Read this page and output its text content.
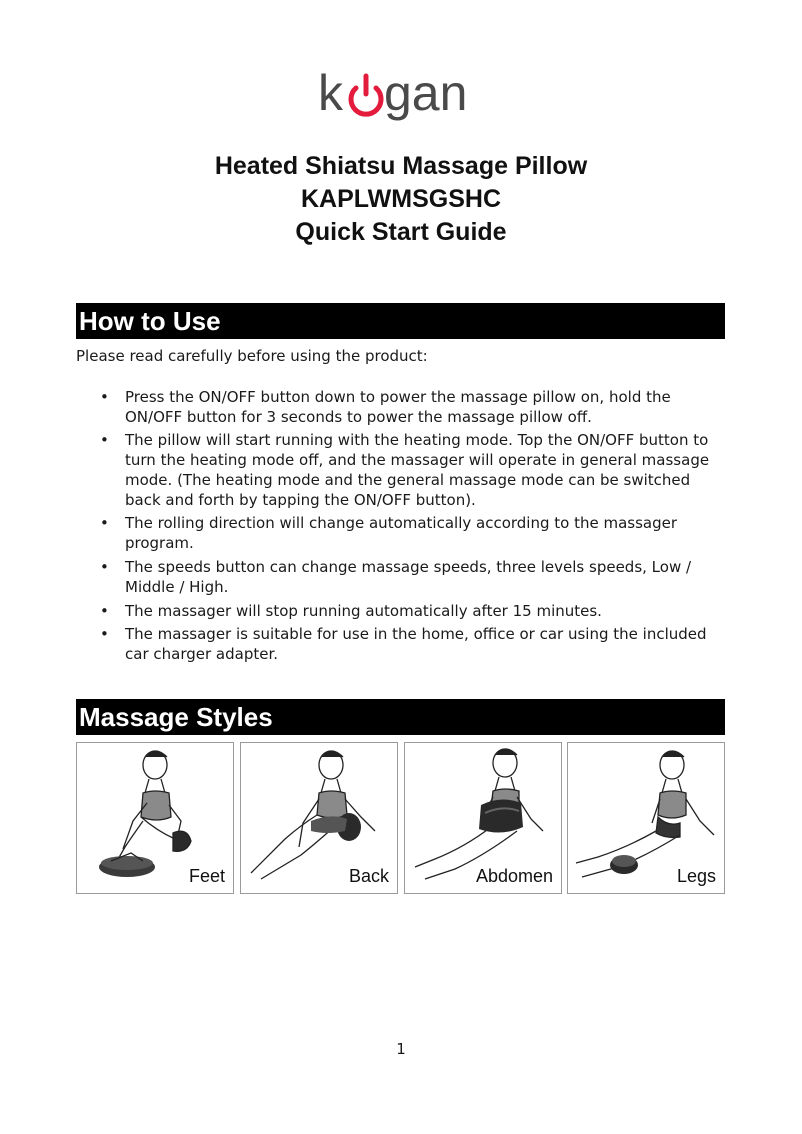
k gan
Heated Shiatsu Massage Pillow
KAPLWMSGSHC
Quick Start Guide
How to Use
Please read carefully before using the product:
• Press the ON/OFF button down to power the massage pillow on, hold the ON/OFF button for 3 seconds to power the massage pillow off.
• The pillow will start running with the heating mode. Top the ON/OFF button to turn the heating mode off, and the massager will operate in general massage mode. (The heating mode and the general massage mode can be switched back and forth by tapping the ON/OFF button).
• The rolling direction will change automatically according to the massager program.
• The speeds button can change massage speeds, three levels speeds, Low / Middle / High.
• The massager will stop running automatically after 15 minutes.
• The massager is suitable for use in the home, office or car using the included car charger adapter.
Massage Styles
Feet	Back	Abdomen	Legs
1
